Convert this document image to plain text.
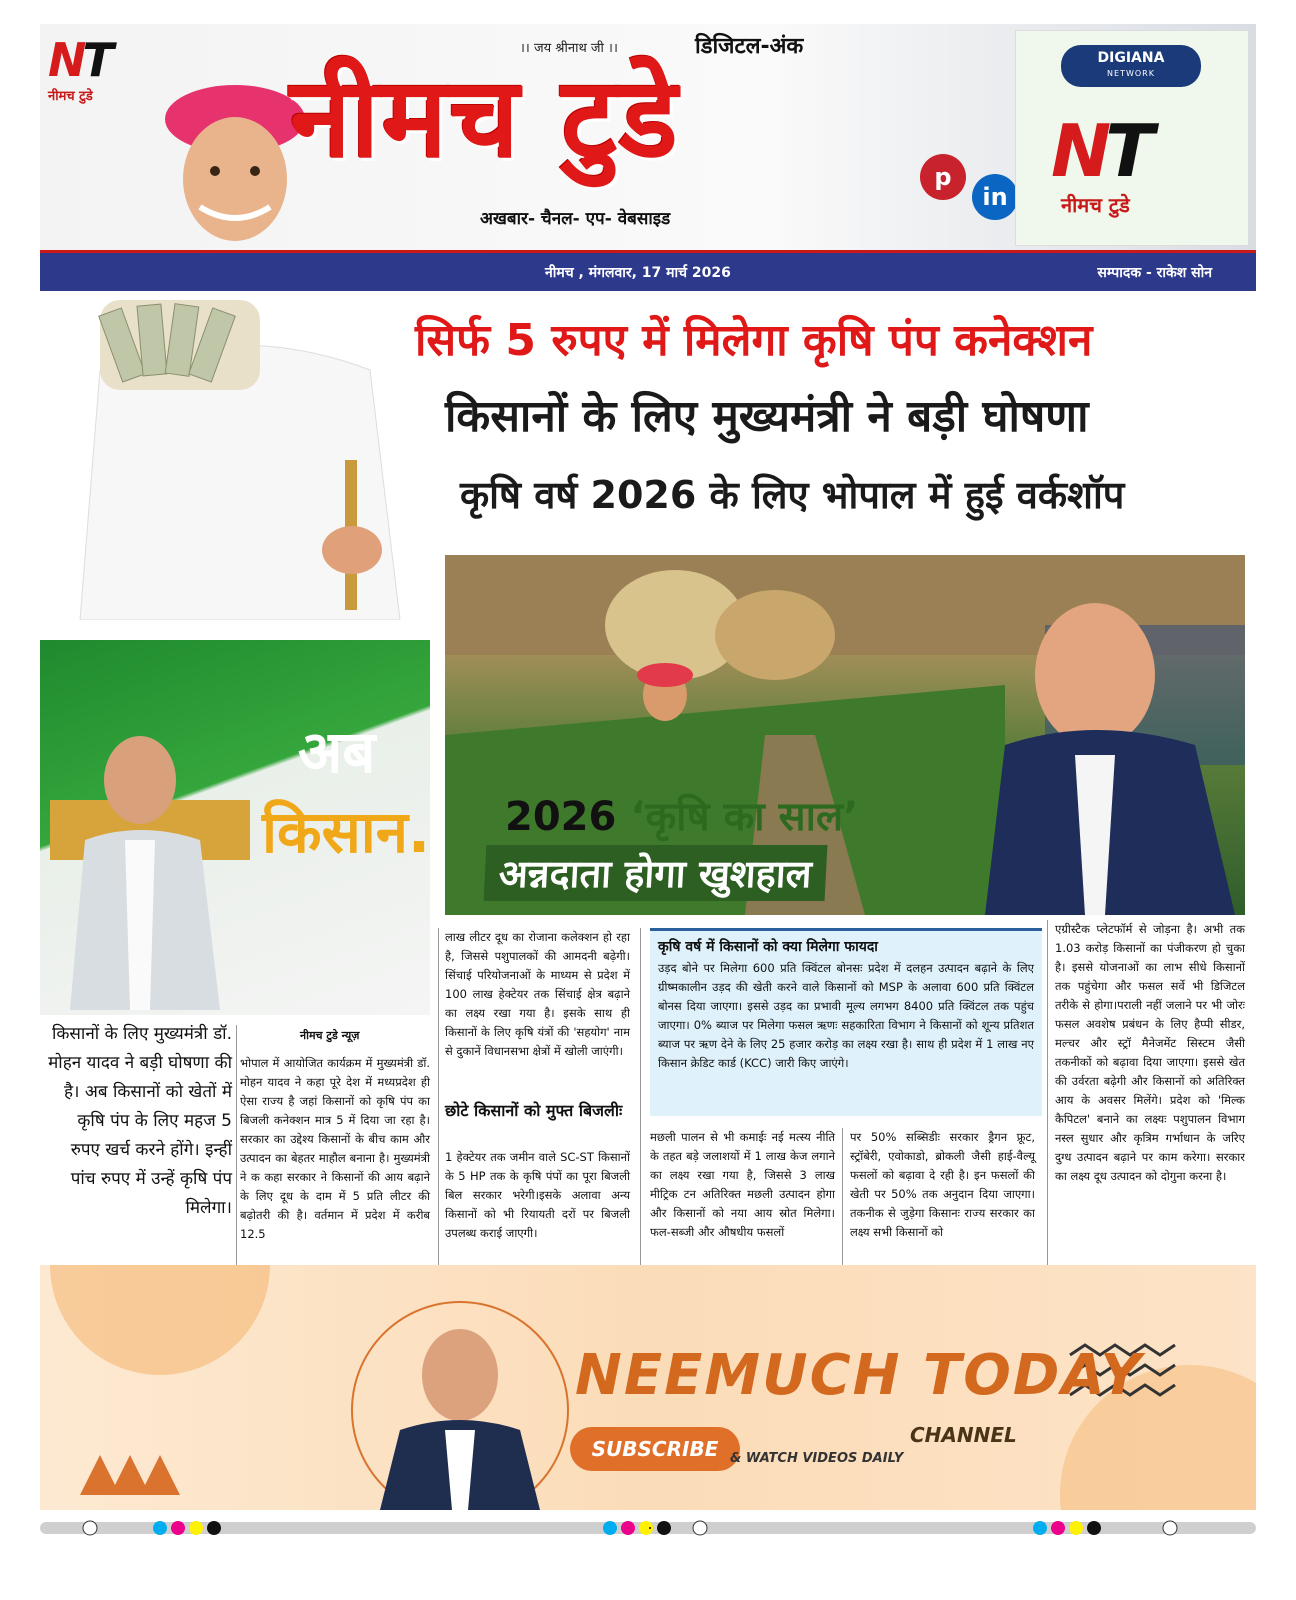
NT
नीमच टुडे
।। जय श्रीनाथ जी ।।	डिजिटल-अंक
नीमच टुडे
अखबार- चैनल- एप- वेबसाइड
p
in
DIGIANA
NETWORK
NT
नीमच टुडे
नीमच , मंगलवार, 17 मार्च 2026	सम्पादक - राकेश सोन
सिर्फ 5 रुपए में मिलेगा कृषि पंप कनेक्शन
किसानों के लिए मुख्यमंत्री ने बड़ी घोषणा
कृषि वर्ष 2026 के लिए भोपाल में हुई वर्कशॉप
2026 ‘कृषि का साल’
अन्नदाता होगा खुशहाल
अब
किसान.
किसानों के लिए मुख्यमंत्री डॉ. मोहन यादव ने बड़ी घोषणा की है। अब किसानों को खेतों में कृषि पंप के लिए महज 5 रुपए खर्च करने होंगे। इन्हीं पांच रुपए में उन्हें कृषि पंप मिलेगा।
नीमच टुडे न्यूज़
भोपाल में आयोजित कार्यक्रम में मुख्यमंत्री डॉ. मोहन यादव ने कहा पूरे देश में मध्यप्रदेश ही ऐसा राज्य है जहां किसानों को कृषि पंप का बिजली कनेक्शन मात्र 5 में दिया जा रहा है। सरकार का उद्देश्य किसानों के बीच काम और उत्पादन का बेहतर माहौल बनाना है। मुख्यमंत्री ने क कहा सरकार ने किसानों की आय बढ़ाने के लिए दूध के दाम में 5 प्रति लीटर की बढ़ोतरी की है। वर्तमान में प्रदेश में करीब 12.5
लाख लीटर दूध का रोजाना कलेक्शन हो रहा है, जिससे पशुपालकों की आमदनी बढ़ेगी। सिंचाई परियोजनाओं के माध्यम से प्रदेश में 100 लाख हेक्टेयर तक सिंचाई क्षेत्र बढ़ाने का लक्ष्य रखा गया है। इसके साथ ही किसानों के लिए कृषि यंत्रों की 'सहयोग' नाम से दुकानें विधानसभा क्षेत्रों में खोली जाएंगी।
छोटे किसानों को मुफ्त बिजलीः
1 हेक्टेयर तक जमीन वाले SC-ST किसानों के 5 HP तक के कृषि पंपों का पूरा बिजली बिल सरकार भरेगी।इसके अलावा अन्य किसानों को भी रियायती दरों पर बिजली उपलब्ध कराई जाएगी।
कृषि वर्ष में किसानों को क्या मिलेगा फायदा
उड़द बोने पर मिलेगा 600 प्रति क्विंटल बोनसः प्रदेश में दलहन उत्पादन बढ़ाने के लिए ग्रीष्मकालीन उड़द की खेती करने वाले किसानों को MSP के अलावा 600 प्रति क्विंटल बोनस दिया जाएगा। इससे उड़द का प्रभावी मूल्य लगभग 8400 प्रति क्विंटल तक पहुंच जाएगा। 0% ब्याज पर मिलेगा फसल ऋणः सहकारिता विभाग ने किसानों को शून्य प्रतिशत ब्याज पर ऋण देने के लिए 25 हजार करोड़ का लक्ष्य रखा है। साथ ही प्रदेश में 1 लाख नए किसान क्रेडिट कार्ड (KCC) जारी किए जाएंगे।
मछली पालन से भी कमाईः नई मत्स्य नीति के तहत बड़े जलाशयों में 1 लाख केज लगाने का लक्ष्य रखा गया है, जिससे 3 लाख मीट्रिक टन अतिरिक्त मछली उत्पादन होगा और किसानों को नया आय स्रोत मिलेगा। फल-सब्जी और औषधीय फसलों
पर 50% सब्सिडीः सरकार ड्रैगन फ्रूट, स्ट्रॉबेरी, एवोकाडो, ब्रोकली जैसी हाई-वैल्यू फसलों को बढ़ावा दे रही है। इन फसलों की खेती पर 50% तक अनुदान दिया जाएगा। तकनीक से जुड़ेगा किसानः राज्य सरकार का लक्ष्य सभी किसानों को
एग्रीस्टैक प्लेटफॉर्म से जोड़ना है। अभी तक 1.03 करोड़ किसानों का पंजीकरण हो चुका है। इससे योजनाओं का लाभ सीधे किसानों तक पहुंचेगा और फसल सर्वे भी डिजिटल तरीके से होगा।पराली नहीं जलाने पर भी जोरः फसल अवशेष प्रबंधन के लिए हैप्पी सीडर, मल्चर और स्ट्रॉ मैनेजमेंट सिस्टम जैसी तकनीकों को बढ़ावा दिया जाएगा। इससे खेत की उर्वरता बढ़ेगी और किसानों को अतिरिक्त आय के अवसर मिलेंगे। प्रदेश को 'मिल्क कैपिटल' बनाने का लक्ष्यः पशुपालन विभाग नस्ल सुधार और कृत्रिम गर्भाधान के जरिए दुग्ध उत्पादन बढ़ाने पर काम करेगा। सरकार का लक्ष्य दूध उत्पादन को दोगुना करना है।
NEEMUCH TODAY
CHANNEL
SUBSCRIBE & WATCH VIDEOS DAILY
